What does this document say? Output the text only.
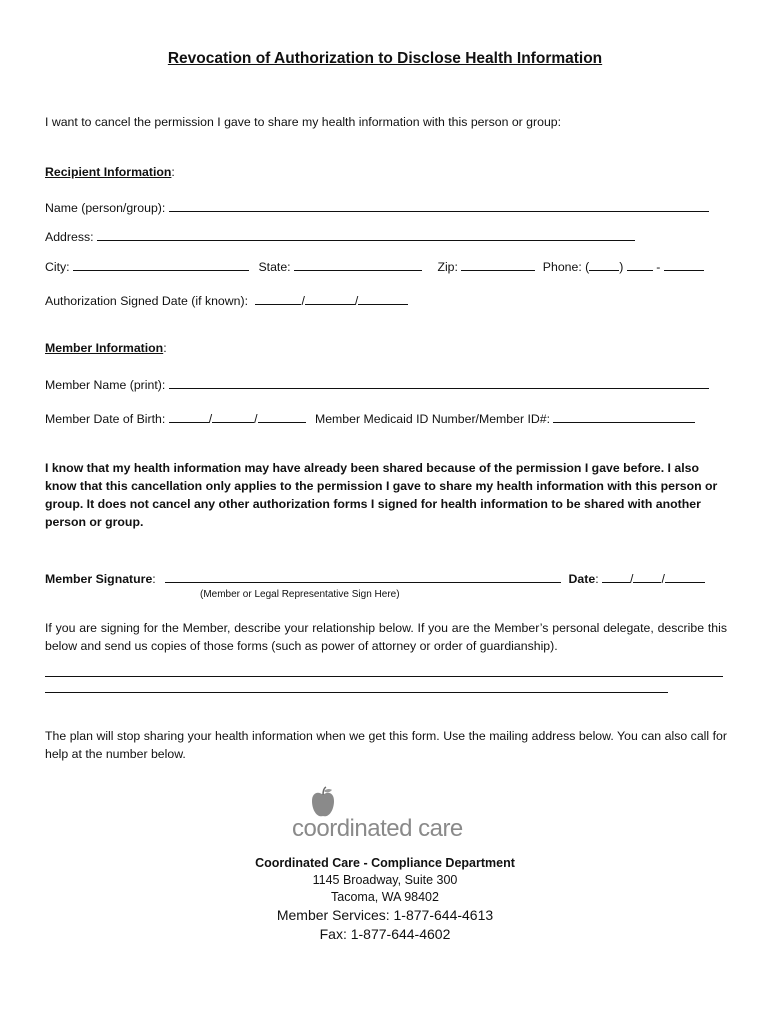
Revocation of Authorization to Disclose Health Information
I want to cancel the permission I gave to share my health information with this person or group:
Recipient Information:
Name (person/group):
Address:
City:	State:	Zip:	Phone: ( )	-
Authorization Signed Date (if known):	/	/
Member Information:
Member Name (print):
Member Date of Birth:	/	/	Member Medicaid ID Number/Member ID#:
I know that my health information may have already been shared because of the permission I gave before. I also know that this cancellation only applies to the permission I gave to share my health information with this person or group. It does not cancel any other authorization forms I signed for health information to be shared with another person or group.
Member Signature:	Date:	/ /
(Member or Legal Representative Sign Here)
If you are signing for the Member, describe your relationship below. If you are the Member’s personal delegate, describe this below and send us copies of those forms (such as power of attorney or order of guardianship).
The plan will stop sharing your health information when we get this form. Use the mailing address below. You can also call for help at the number below.
coordinated care
Coordinated Care - Compliance Department
1145 Broadway, Suite 300
Tacoma, WA 98402
Member Services: 1-877-644-4613
Fax: 1-877-644-4602
